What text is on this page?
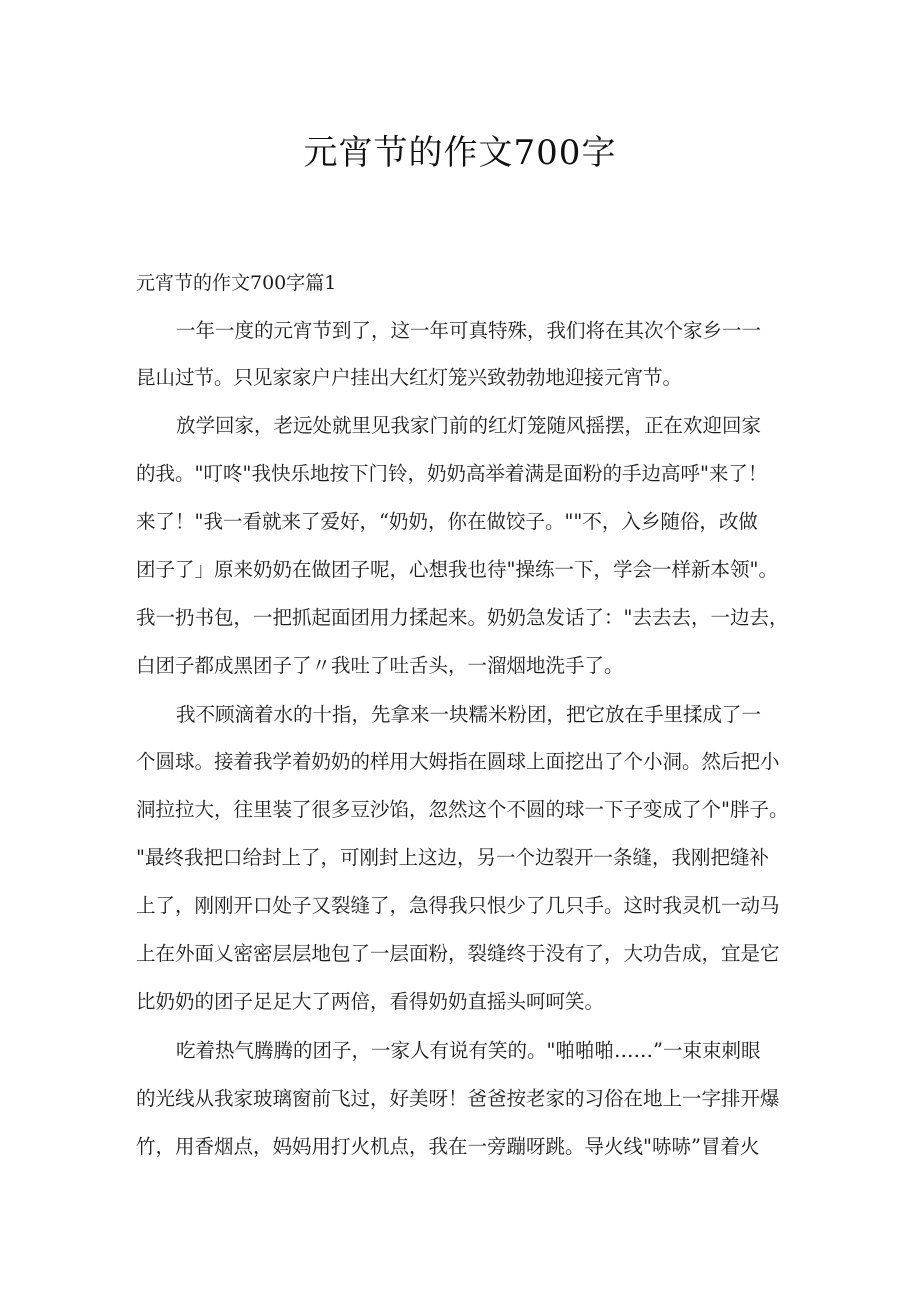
元宵节的作文700字
元宵节的作文700字篇1
一年一度的元宵节到了，这一年可真特殊，我们将在其次个家乡一一
昆山过节。只见家家户户挂出大红灯笼兴致勃勃地迎接元宵节。
放学回家，老远处就里见我家门前的红灯笼随风摇摆，正在欢迎回家
的我。"叮咚"我快乐地按下门铃，奶奶高举着满是面粉的手边高呼"来了！
来了！"我一看就来了爱好，“奶奶，你在做饺子。""不，入乡随俗，改做
团子了」原来奶奶在做团子呢，心想我也待"操练一下，学会一样新本领"。
我一扔书包，一把抓起面团用力揉起来。奶奶急发话了："去去去，一边去，
白团子都成黑团子了〃我吐了吐舌头，一溜烟地洗手了。
我不顾滴着水的十指，先拿来一块糯米粉团，把它放在手里揉成了一
个圆球。接着我学着奶奶的样用大姆指在圆球上面挖出了个小洞。然后把小
洞拉拉大，往里装了很多豆沙馅，忽然这个不圆的球一下子变成了个"胖子。
"最终我把口给封上了，可刚封上这边，另一个边裂开一条缝，我刚把缝补
上了，刚刚开口处子又裂缝了，急得我只恨少了几只手。这时我灵机一动马
上在外面乂密密层层地包了一层面粉，裂缝终于没有了，大功告成，宜是它
比奶奶的团子足足大了两倍，看得奶奶直摇头呵呵笑。
吃着热气腾腾的团子，一家人有说有笑的。"啪啪啪……”一束束刺眼
的光线从我家玻璃窗前飞过，好美呀！爸爸按老家的习俗在地上一字排开爆
竹，用香烟点，妈妈用打火机点，我在一旁蹦呀跳。导火线"哧哧”冒着火
